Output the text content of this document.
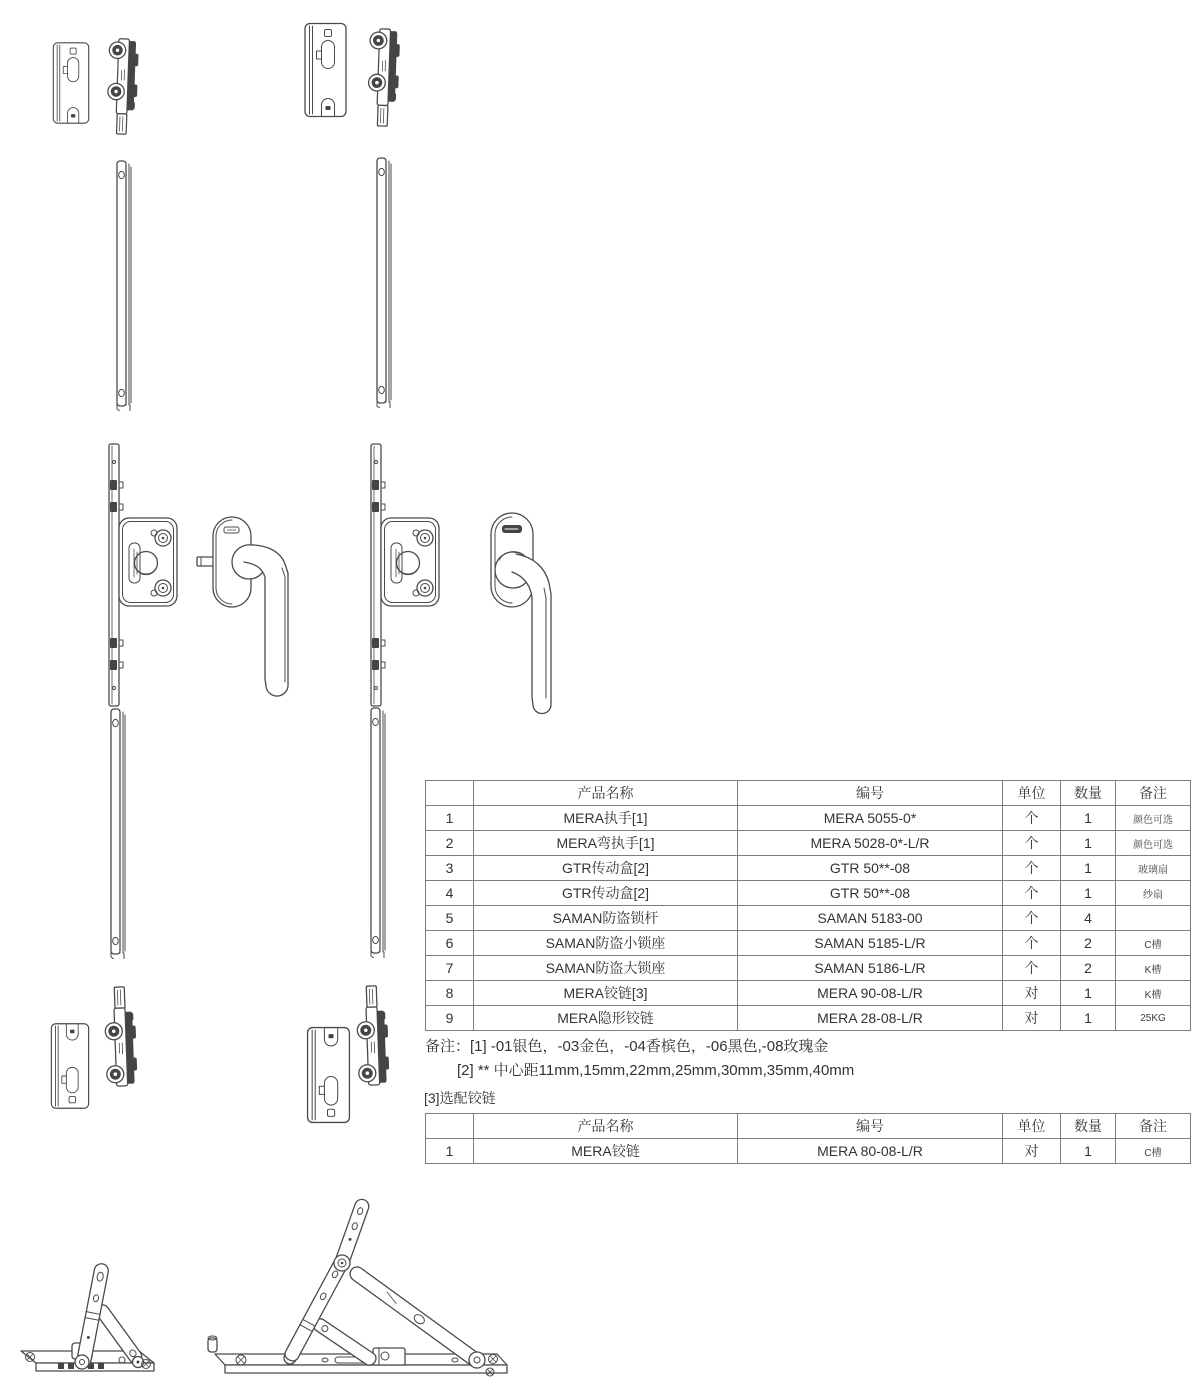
	产品名称	编号	单位	数量	备注
1	MERA执手[1]	MERA 5055-0*	个	1	颜色可选
2	MERA弯执手[1]	MERA 5028-0*-L/R	个	1	颜色可选
3	GTR传动盒[2]	GTR 50**-08	个	1	玻璃扇
4	GTR传动盒[2]	GTR 50**-08	个	1	纱扇
5	SAMAN防盗锁杆	SAMAN 5183-00	个	4	
6	SAMAN防盗小锁座	SAMAN 5185-L/R	个	2	C槽
7	SAMAN防盗大锁座	SAMAN 5186-L/R	个	2	K槽
8	MERA铰链[3]	MERA 90-08-L/R	对	1	K槽
9	MERA隐形铰链	MERA 28-08-L/R	对	1	25KG
备注：[1] -01银色，-03金色，-04香槟色，-06黑色,-08玫瑰金
[2] ** 中心距11mm,15mm,22mm,25mm,30mm,35mm,40mm
[3]选配铰链
	产品名称	编号	单位	数量	备注
1	MERA铰链	MERA 80-08-L/R	对	1	C槽
